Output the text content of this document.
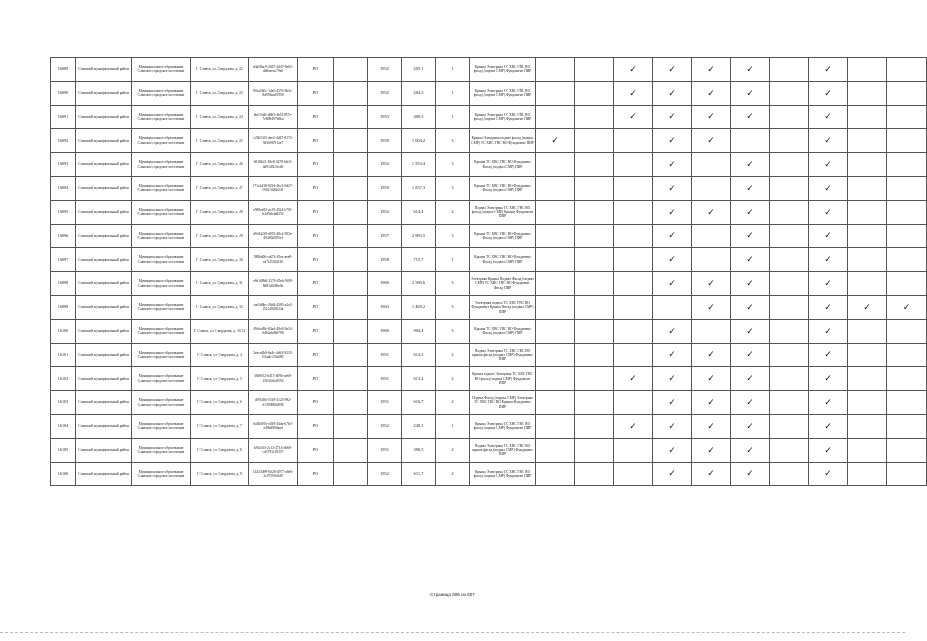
16089	Славский муниципальный район	Муниципальное образование Славское городское поселение	Г. Славск, ул. Свердлова, д. 22	d4a58ac9-2667-4d47-9e02-dd0aeeac79a0	РО		1952	205,1	1	Крыша Электрика ТС ХВС ГВС ВО фасад (подвал СМР) Фундамент ПИР			✓	✓	✓	✓		✓		
16090	Славский муниципальный район	Муниципальное образование Славское городское поселение	Г. Славск, ул. Свердлова, д. 23	90ca5b0c-1da5-457b-9b3c-8d958aa81958	РО		1952	204,5	1	Крыша Электрика ТС ХВС ГВС ВО фасад (подвал СМР) Фундамент ПИР			✓	✓	✓	✓		✓		
16091	Славский муниципальный район	Муниципальное образование Славское городское поселение	Г. Славск, ул. Свердлова, д. 24	ebfc5d4f-d663-4b5f-857e-7e808497b0ba	РО		1953	400,3	1	Крыша Электрика ТС ХВС ГВС ВО фасад (подвал СМР) Фундамент ПИР			✓	✓	✓	✓		✓		
16092	Славский муниципальный район	Муниципальное образование Славское городское поселение	Г. Славск, ул. Свердлова, д. 25	c23b53f5-dee2-4d47-9272-9436967f1ae7	РО		1959	1 004,2	3	Крыша Электрика подвал фасад (подвал СМР) ТС ХВС ГВС ВО Фундамент ПИР	✓			✓	✓			✓		
16093	Славский муниципальный район	Муниципальное образование Славское городское поселение	Г. Славск, ул. Свердлова, д. 26	b918b41-18e8-4478-b6c5-4d91d0c5fcd0	РО		1952	1 553,4	3	Крыша ТС ХВС ГВС ВО Фундамент Фасад (подвал СМР) ПИР				✓		✓		✓		
16094	Славский муниципальный район	Муниципальное образование Славское городское поселение	Г. Славск, ул. Свердлова, д. 27	f71a1d38-823d-4bc3-9d27-f9167d26b541	РО		1959	1 837,3	3	Крыша ТС ХВС ГВС ВО Фундамент Фасад (подвал СМР) ПИР				✓		✓		✓		
16095	Славский муниципальный район	Муниципальное образование Славское городское поселение	Г. Славск, ул. Свердлова, д. 28	e589ee83-ac19-4524-b701-b2d5eb4a8254	РО		1952	614,4	2	Подвал Электрика ТС ХВС ГВС ВО фасад (подвал СМР) Крыша Фундамент ПИР				✓	✓	✓		✓		
16096	Славский муниципальный район	Муниципальное образование Славское городское поселение	Г. Славск, ул. Свердлова, д. 29	d9c9d2f8-d055-48c2-953e-494f82f655ef	РО		1957	2 983,5	3	Крыша ТС ХВС ГВС ВО Фундамент Фасад (подвал СМР) ПИР				✓		✓		✓		
16097	Славский муниципальный район	Муниципальное образование Славское городское поселение	Г. Славск, ул. Свердлова, д. 30	588bd0fc-a674-45ea-aee0-ea7f25362f20	РО		1958	715,7	1	Крыша ТС ХВС ГВС ВО Фундамент Фасад (подвал СМР) ПИР				✓		✓		✓		
16098	Славский муниципальный район	Муниципальное образование Славское городское поселение	Г. Славск, ул. Свердлова, д. 31	e8e1d8b0-2276-45eb-9f09-8d81d2f06e0e	РО		1960	2 580,6	3	Электрика Крыша Подвал Фасад (подвал СМР) ТС ХВС ГВС ВО Фундамент Фасад ПИР				✓	✓	✓		✓		
16099	Славский муниципальный район	Муниципальное образование Славское городское поселение	Г. Славск, ул. Свердлова, д. 32	cae5d6bc-26d4-4385-a2e2-f5214946524a	РО		1963	1 469,2	3	Электрика подвал ТС ХВС ГВС ВО Фундамент Крыша Фасад (подвал СМР) ПИР					✓	✓		✓	✓	✓
16100	Славский муниципальный район	Муниципальное образование Славское городское поселение	Г. Славск, ул. Свердлова, д. 33/13	49c6a09c-84a4-48c8-9a14-6d62a6d6d786	РО		1960	904,4	3	Крыша ТС ХВС ГВС ВО Фундамент Фасад (подвал СМР) ПИР				✓		✓		✓		
16101	Славский муниципальный район	Муниципальное образование Славское городское поселение	Г. Славск, ул. Свердлова, д. 4	2eeca4b0-6a4c-4dd1-9233-02aab125a680	РО		1951	614,3	2	Подвал Электрика ТС ХВС ГВС ВО крыша фасад (подвал СМР) Фундамент ПИР				✓	✓	✓		✓		
16102	Славский муниципальный район	Муниципальное образование Славское городское поселение	Г. Славск, ул. Свердлова, д. 5	30b9f52-b415-409b-ae60-23043eb4f556	РО		1951	613,4	2	Крыша подвал Электрика ТС ХВС ГВС ВО фасад (подвал СМР) Фундамент ПИР			✓	✓	✓	✓		✓		
16103	Славский муниципальный район	Муниципальное образование Славское городское поселение	Г. Славск, ул. Свердлова, д. 6	df9140b-5318-4123-982-d1390966f858	РО		1951	616,7	2	Подвал Фасад (подвал СМР) Электрика ТС ХВС ГВС ВО Крыша Фундамент ПИР				✓	✓	✓		✓		
16104	Славский муниципальный район	Муниципальное образование Славское городское поселение	Г. Славск, ул. Свердлова, д. 7	6a5b0f93-c658-44da-b7b3-a49bd80daad	РО		1952	240,5	1	Крыша Электрика ТС ХВС ГВС ВО фасад (подвал СМР) Фундамент ПИР			✓	✓	✓	✓		✓		
16105	Славский муниципальный район	Муниципальное образование Славское городское поселение	Г. Славск, ул. Свердлова, д. 8	b91a5f5-2c12-4714-b660-cd3793c18357	РО		1951	390,5	2	Подвал Электрика ТС ХВС ГВС ВО крыша фасад (подвал СМР) Фундамент ПИР				✓	✓	✓		✓		
16106	Славский муниципальный район	Муниципальное образование Славское городское поселение	Г. Славск, ул. Свердлова, д. 9	14433d99-b028-4977-a8e6-2c07590c0d0	РО		1952	611,7	2	Крыша Электрика ТС ХВС ГВС ВО фасад (подвал СМР) Фундамент ПИР				✓	✓	✓		✓		
Страница 595 из 607
